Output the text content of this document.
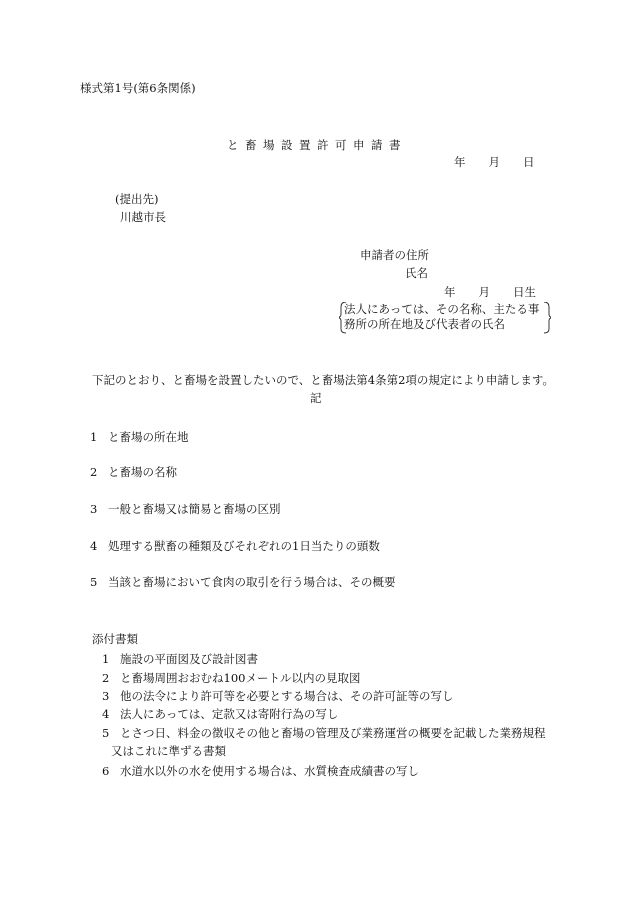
様式第1号(第6条関係)
と畜場設置許可申請書
年　　月　　日
(提出先)
川越市長
申請者の住所
氏名
年　　月　　日生
法人にあっては、その名称、主たる事
務所の所在地及び代表者の氏名
下記のとおり、と畜場を設置したいので、と畜場法第4条第2項の規定により申請します。
記
1 と畜場の所在地
2 と畜場の名称
3 一般と畜場又は簡易と畜場の区別
4 処理する獣畜の種類及びそれぞれの1日当たりの頭数
5 当該と畜場において食肉の取引を行う場合は、その概要
添付書類
1 施設の平面図及び設計図書
2 と畜場周囲おおむね100メートル以内の見取図
3 他の法令により許可等を必要とする場合は、その許可証等の写し
4 法人にあっては、定款又は寄附行為の写し
5 とさつ日、料金の徴収その他と畜場の管理及び業務運営の概要を記載した業務規程
又はこれに準ずる書類
6 水道水以外の水を使用する場合は、水質検査成績書の写し
